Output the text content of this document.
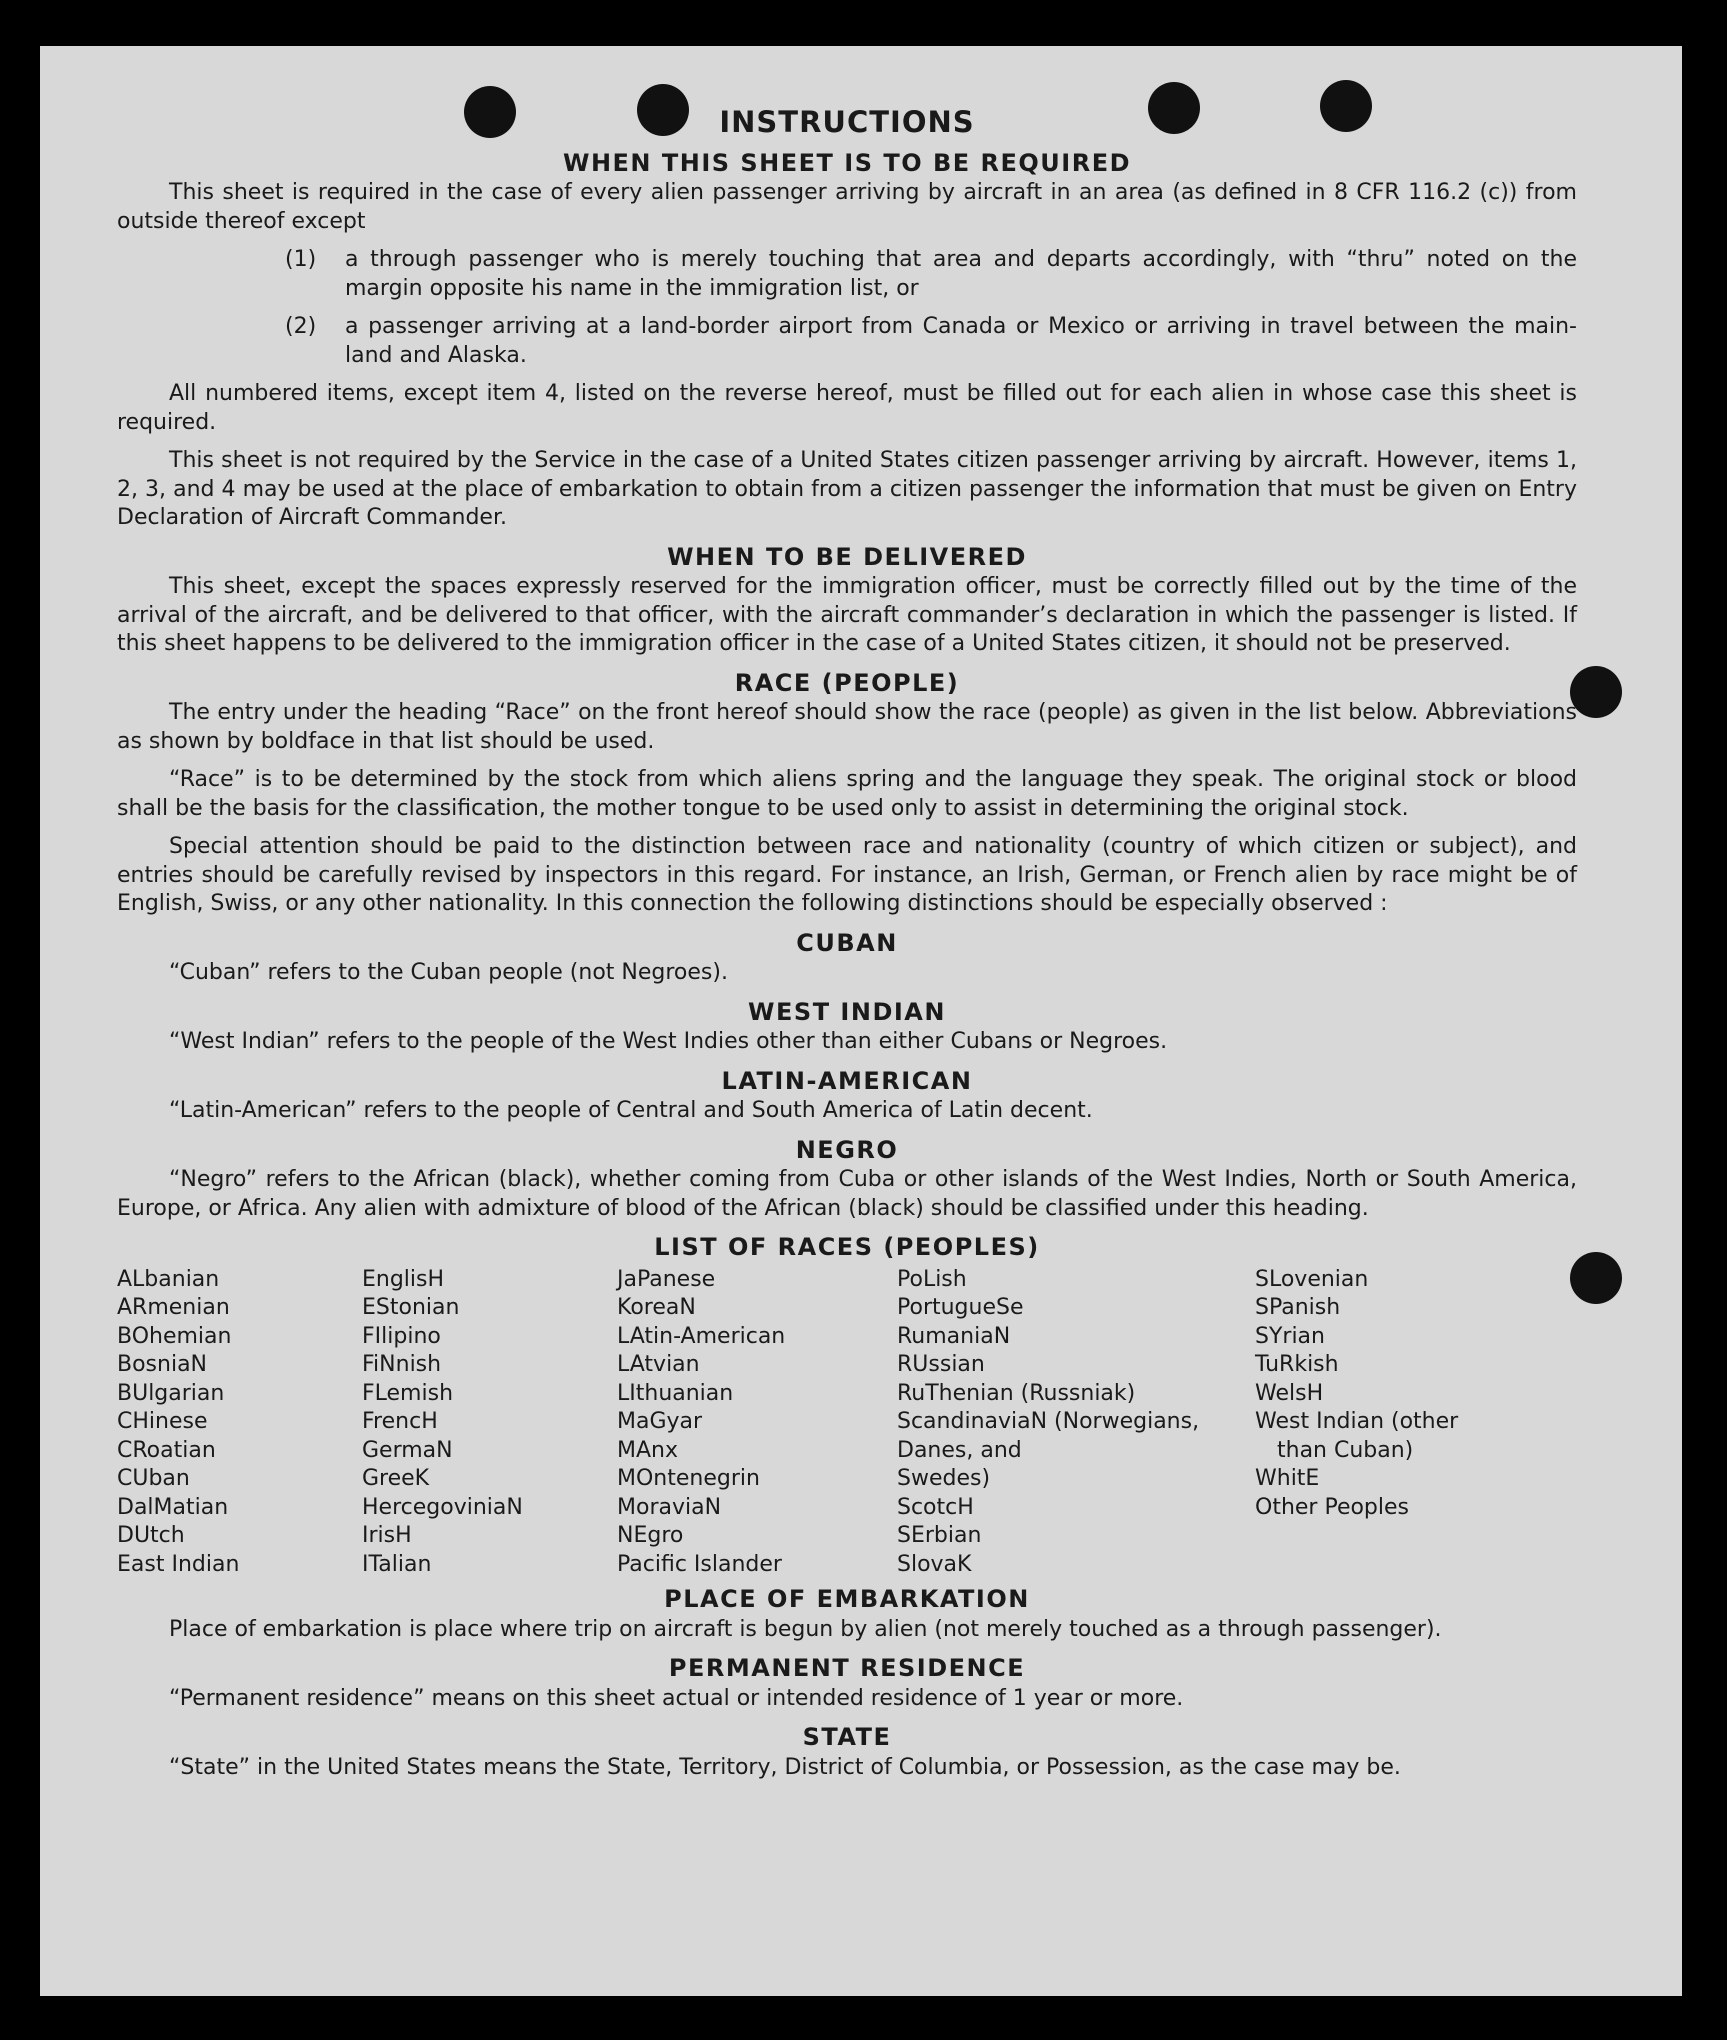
INSTRUCTIONS
WHEN THIS SHEET IS TO BE REQUIRED
This sheet is required in the case of every alien passenger arriving by aircraft in an area (as defined in 8 CFR 116.2 (c)) from outside thereof except
(1)	a through passenger who is merely touching that area and departs accordingly, with “thru” noted on the margin opposite his name in the immigration list, or
(2)	a passenger arriving at a land-border airport from Canada or Mexico or arriving in travel between the main-land and Alaska.
All numbered items, except item 4, listed on the reverse hereof, must be filled out for each alien in whose case this sheet is required.
This sheet is not required by the Service in the case of a United States citizen passenger arriving by aircraft. However, items 1, 2, 3, and 4 may be used at the place of embarkation to obtain from a citizen passenger the information that must be given on Entry Declaration of Aircraft Commander.
WHEN TO BE DELIVERED
This sheet, except the spaces expressly reserved for the immigration officer, must be correctly filled out by the time of the arrival of the aircraft, and be delivered to that officer, with the aircraft commander’s declaration in which the passenger is listed. If this sheet happens to be delivered to the immigration officer in the case of a United States citizen, it should not be preserved.
RACE (PEOPLE)
The entry under the heading “Race” on the front hereof should show the race (people) as given in the list below. Abbreviations as shown by boldface in that list should be used.
“Race” is to be determined by the stock from which aliens spring and the language they speak. The original stock or blood shall be the basis for the classification, the mother tongue to be used only to assist in determining the original stock.
Special attention should be paid to the distinction between race and nationality (country of which citizen or subject), and entries should be carefully revised by inspectors in this regard. For instance, an Irish, German, or French alien by race might be of English, Swiss, or any other nationality. In this connection the following distinctions should be especially observed :
CUBAN
“Cuban” refers to the Cuban people (not Negroes).
WEST INDIAN
“West Indian” refers to the people of the West Indies other than either Cubans or Negroes.
LATIN-AMERICAN
“Latin-American” refers to the people of Central and South America of Latin decent.
NEGRO
“Negro” refers to the African (black), whether coming from Cuba or other islands of the West Indies, North or South America, Europe, or Africa. Any alien with admixture of blood of the African (black) should be classified under this heading.
LIST OF RACES (PEOPLES)
ALbanian
ARmenian
BOhemian
BosniaN
BUlgarian
CHinese
CRoatian
CUban
DalMatian
DUtch
East Indian
EnglisH
EStonian
FIlipino
FiNnish
FLemish
FrencH
GermaN
GreeK
HercegoviniaN
IrisH
ITalian
JaPanese
KoreaN
LAtin-American
LAtvian
LIthuanian
MaGyar
MAnx
MOntenegrin
MoraviaN
NEgro
Pacific Islander
PoLish
PortugueSe
RumaniaN
RUssian
RuThenian (Russniak)
ScandinaviaN (Norwegians,
Danes, and
Swedes)
ScotcH
SErbian
SlovaK
SLovenian
SPanish
SYrian
TuRkish
WelsH
West Indian (other
than Cuban)
WhitE
Other Peoples
PLACE OF EMBARKATION
Place of embarkation is place where trip on aircraft is begun by alien (not merely touched as a through passenger).
PERMANENT RESIDENCE
“Permanent residence” means on this sheet actual or intended residence of 1 year or more.
STATE
“State” in the United States means the State, Territory, District of Columbia, or Possession, as the case may be.
